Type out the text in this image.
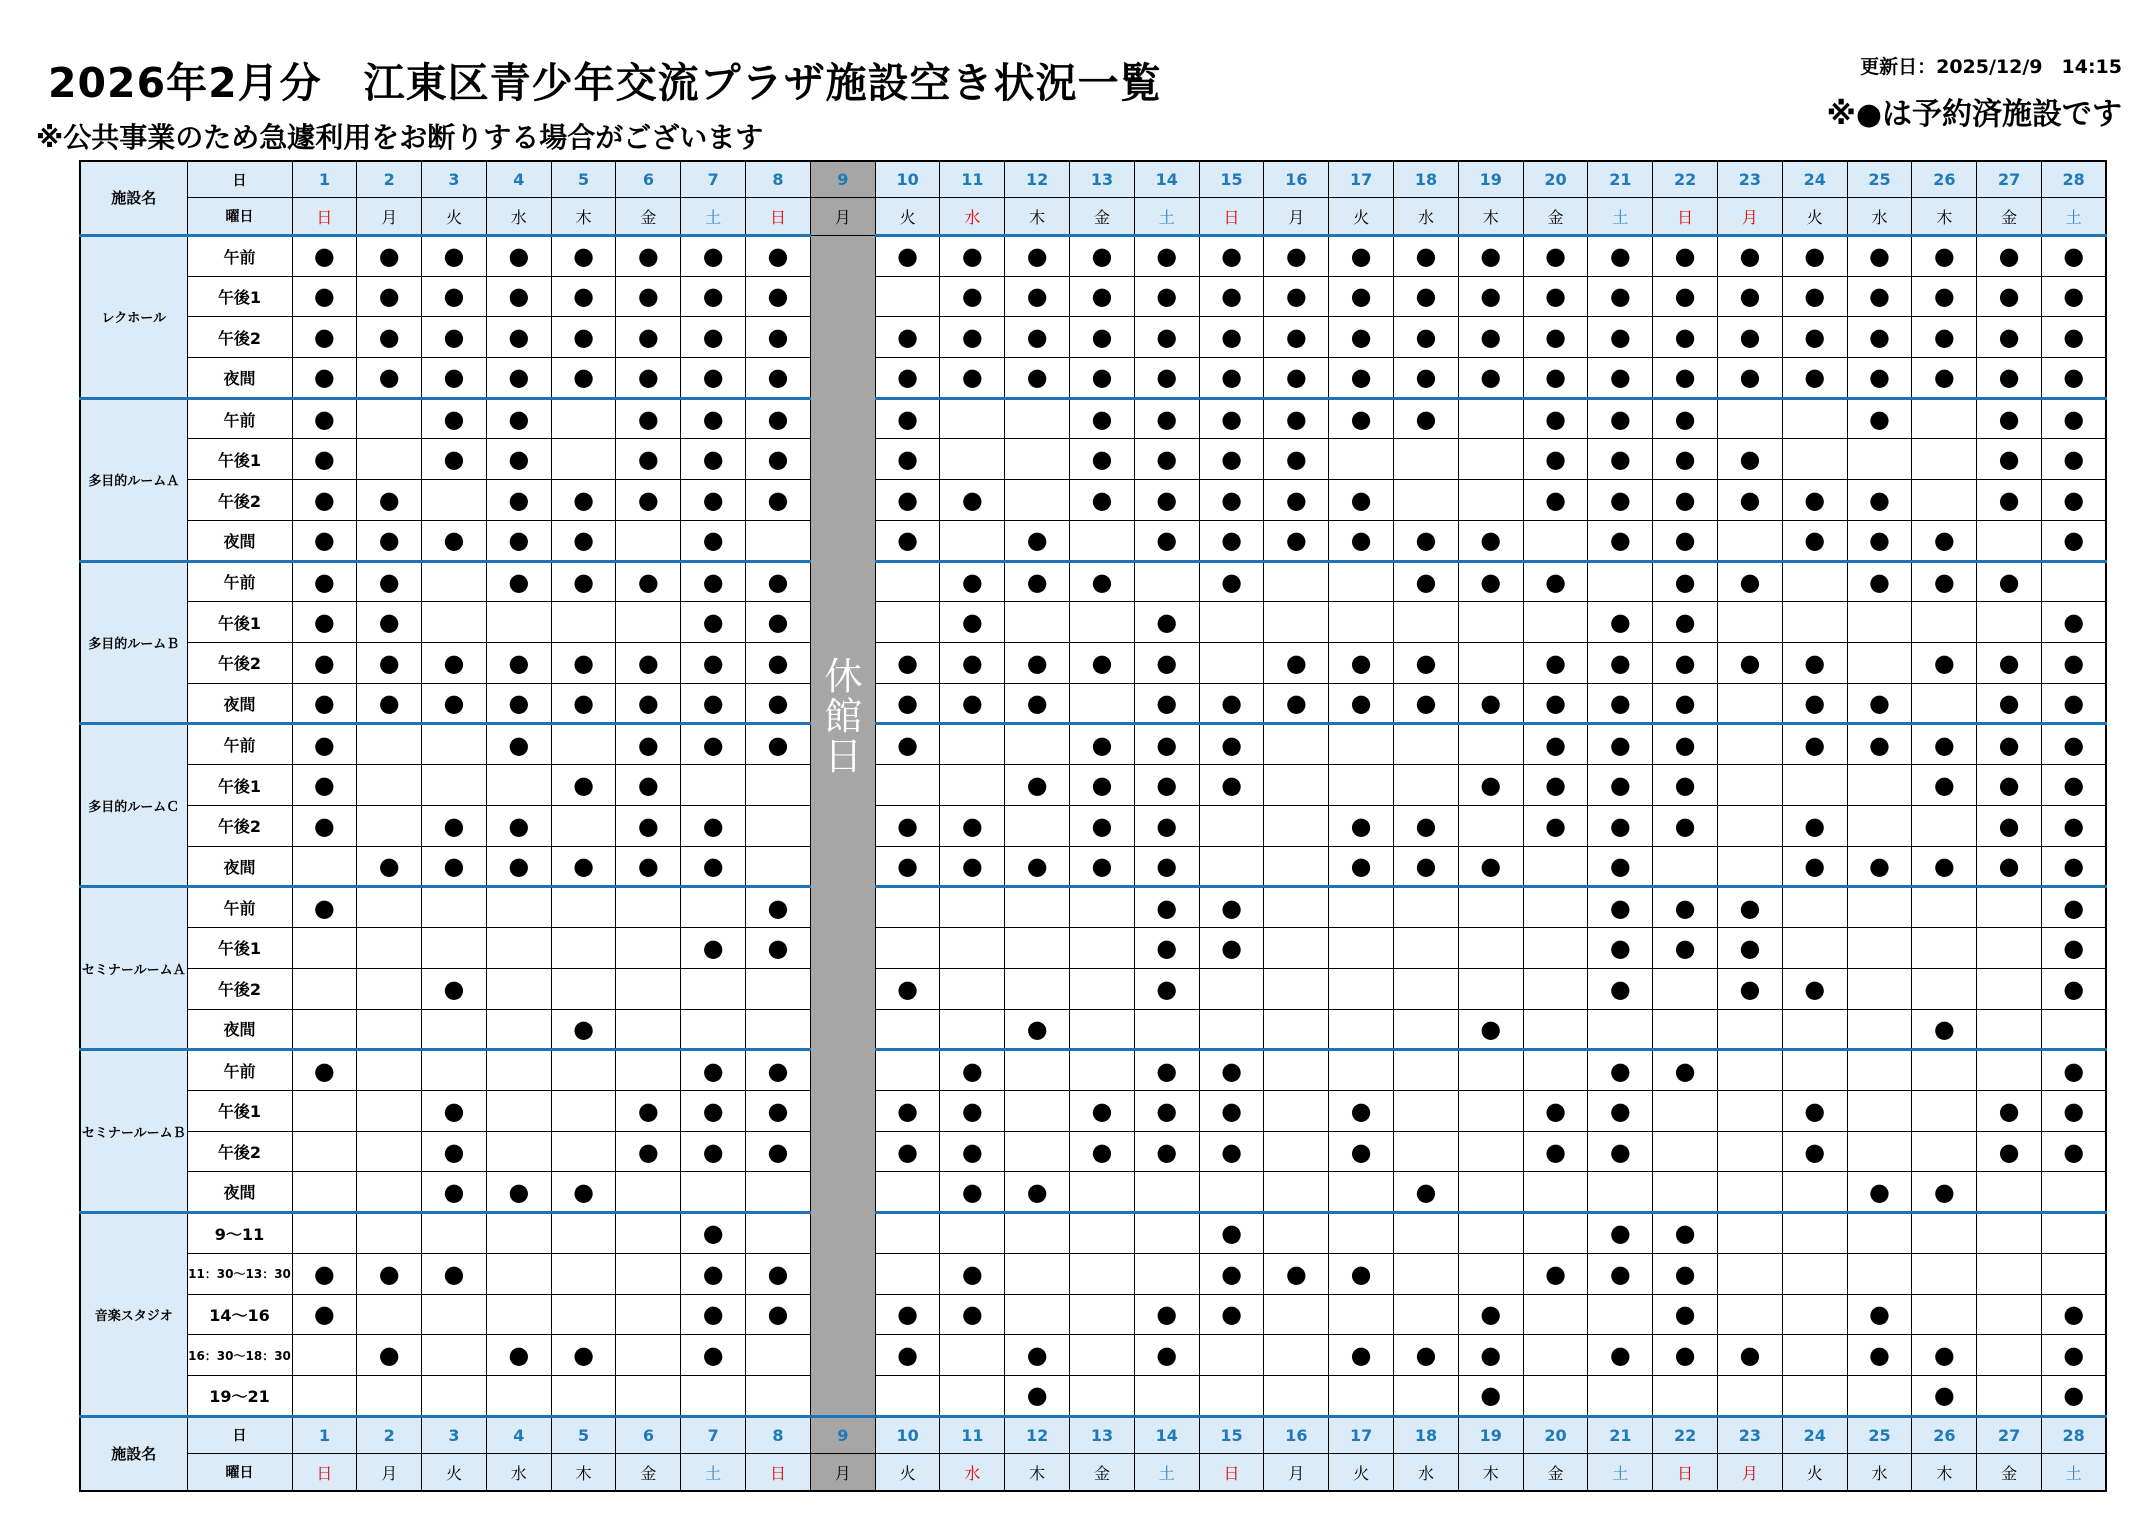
2026年2月分　江東区青少年交流プラザ施設空き状況一覧

※公共事業のため急遽利用をお断りする場合がございます

更新日：2025/12/9　14:15
※●は予約済施設です
施設名	日	1	2	3	4	5	6	7	8	9	10	11	12	13	14	15	16	17	18	19	20	21	22	23	24	25	26	27	28
	曜日	日	月	火	水	木	金	土	日	月	火	水	木	金	土	日	月	火	水	木	金	土	日	月	火	水	木	金	土
レクホール	午前	●	●	●	●	●	●	●	●	休館日	●	●	●	●	●	●	●	●	●	●	●	●	●	●	●	●	●	●	●
	午後1	●	●	●	●	●	●	●	●			●	●	●	●	●	●	●	●	●	●	●	●	●	●	●	●	●	●
	午後2	●	●	●	●	●	●	●	●		●	●	●	●	●	●	●	●	●	●	●	●	●	●	●	●	●	●	●
	夜間	●	●	●	●	●	●	●	●		●	●	●	●	●	●	●	●	●	●	●	●	●	●	●	●	●	●	●
多目的ルームＡ	午前	●		●	●		●	●	●		●			●	●	●	●	●	●		●	●	●			●		●	●
	午後1	●		●	●		●	●	●		●			●	●	●	●				●	●	●	●				●	●
	午後2	●	●		●	●	●	●	●		●	●		●	●	●	●	●			●	●	●	●	●	●		●	●
	夜間	●	●	●	●	●		●			●		●		●	●	●	●	●	●		●	●		●	●	●		●
多目的ルームＢ	午前	●	●		●	●	●	●	●			●	●	●		●			●	●	●		●	●		●	●	●	
	午後1	●	●					●	●			●			●							●	●						●
	午後2	●	●	●	●	●	●	●	●		●	●	●	●	●		●	●	●		●	●	●	●	●		●	●	●
	夜間	●	●	●	●	●	●	●	●		●	●	●		●	●	●	●	●	●	●	●	●		●	●		●	●
多目的ルームＣ	午前	●			●		●	●	●		●			●	●	●					●	●	●		●	●	●	●	●
	午後1	●				●	●						●	●	●	●				●	●	●	●				●	●	●
	午後2	●		●	●		●	●			●	●		●	●			●	●		●	●	●		●			●	●
	夜間		●	●	●	●	●	●			●	●	●	●	●			●	●	●		●			●	●	●	●	●
セミナールームＡ	午前	●							●						●	●						●	●	●					●
	午後1							●	●						●	●						●	●	●					●
	午後2			●							●				●							●		●	●				●
	夜間					●							●							●							●		
セミナールームＢ	午前	●						●	●			●			●	●						●	●						●
	午後1			●			●	●	●		●	●		●	●	●		●			●	●			●			●	●
	午後2			●			●	●	●		●	●		●	●	●		●			●	●			●			●	●
	夜間			●	●	●						●	●						●							●	●		
音楽スタジオ	9～11							●								●						●	●						
	11：30～13：30	●	●	●				●	●			●				●	●	●			●	●	●						
	14～16	●						●	●		●	●			●	●				●			●			●			●
	16：30～18：30		●		●	●		●			●		●		●			●	●	●		●	●	●		●	●		●
	19～21												●							●							●		●
施設名	日	1	2	3	4	5	6	7	8	9	10	11	12	13	14	15	16	17	18	19	20	21	22	23	24	25	26	27	28
	曜日	日	月	火	水	木	金	土	日	月	火	水	木	金	土	日	月	火	水	木	金	土	日	月	火	水	木	金	土
